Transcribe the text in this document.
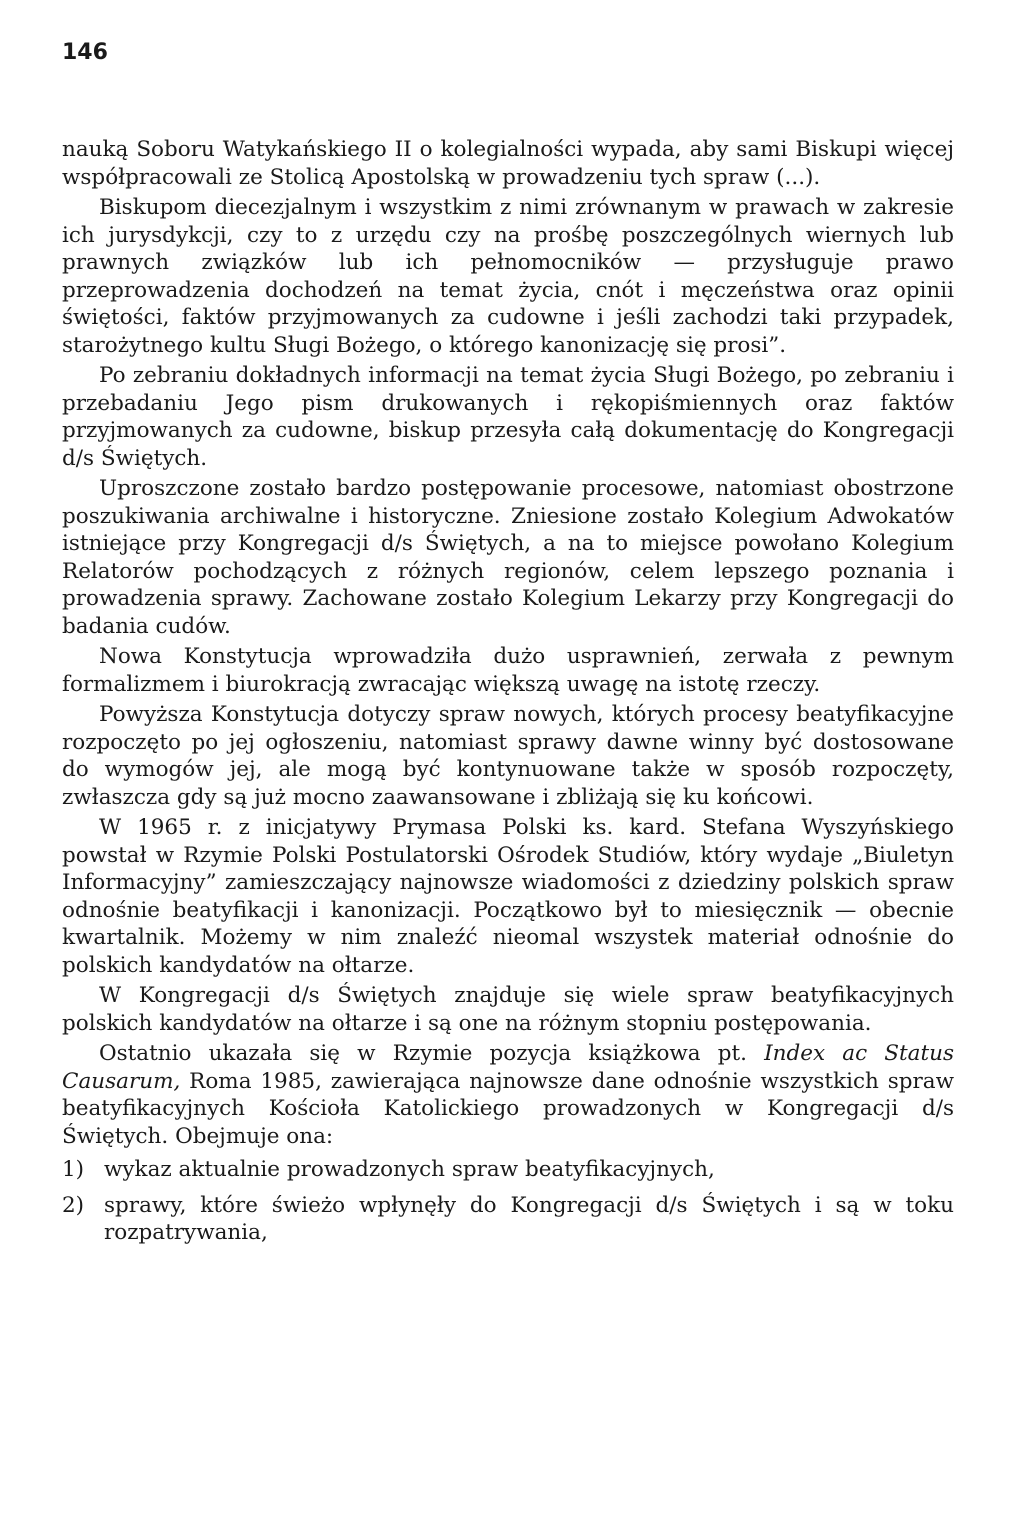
146

nauką Soboru Watykańskiego II o kolegialności wypada, aby sami Biskupi więcej współpracowali ze Stolicą Apostolską w prowadzeniu tych spraw (...).

Biskupom diecezjalnym i wszystkim z nimi zrównanym w prawach w zakresie ich jurysdykcji, czy to z urzędu czy na prośbę poszczególnych wiernych lub prawnych związków lub ich pełnomocników — przysługuje prawo przeprowadzenia dochodzeń na temat życia, cnót i męczeństwa oraz opinii świętości, faktów przyjmowanych za cudowne i jeśli zachodzi taki przypadek, starożytnego kultu Sługi Bożego, o którego kanonizację się prosi”.

Po zebraniu dokładnych informacji na temat życia Sługi Bożego, po zebraniu i przebadaniu Jego pism drukowanych i rękopiśmiennych oraz faktów przyjmowanych za cudowne, biskup przesyła całą dokumentację do Kongregacji d/s Świętych.

Uproszczone zostało bardzo postępowanie procesowe, natomiast obostrzone poszukiwania archiwalne i historyczne. Zniesione zostało Kolegium Adwokatów istniejące przy Kongregacji d/s Świętych, a na to miejsce powołano Kolegium Relatorów pochodzących z różnych regionów, celem lepszego poznania i prowadzenia sprawy. Zachowane zostało Kolegium Lekarzy przy Kongregacji do badania cudów.

Nowa Konstytucja wprowadziła dużo usprawnień, zerwała z pewnym formalizmem i biurokracją zwracając większą uwagę na istotę rzeczy.

Powyższa Konstytucja dotyczy spraw nowych, których procesy beatyfikacyjne rozpoczęto po jej ogłoszeniu, natomiast sprawy dawne winny być dostosowane do wymogów jej, ale mogą być kontynuowane także w sposób rozpoczęty, zwłaszcza gdy są już mocno zaawansowane i zbliżają się ku końcowi.

W 1965 r. z inicjatywy Prymasa Polski ks. kard. Stefana Wyszyńskiego powstał w Rzymie Polski Postulatorski Ośrodek Studiów, który wydaje „Biuletyn Informacyjny” zamieszczający najnowsze wiadomości z dziedziny polskich spraw odnośnie beatyfikacji i kanonizacji. Początkowo był to miesięcznik — obecnie kwartalnik. Możemy w nim znaleźć nieomal wszystek materiał odnośnie do polskich kandydatów na ołtarze.

W Kongregacji d/s Świętych znajduje się wiele spraw beatyfikacyjnych polskich kandydatów na ołtarze i są one na różnym stopniu postępowania.

Ostatnio ukazała się w Rzymie pozycja książkowa pt. Index ac Status Causarum, Roma 1985, zawierająca najnowsze dane odnośnie wszystkich spraw beatyfikacyjnych Kościoła Katolickiego prowadzonych w Kongregacji d/s Świętych. Obejmuje ona:

1) wykaz aktualnie prowadzonych spraw beatyfikacyjnych,
2) sprawy, które świeżo wpłynęły do Kongregacji d/s Świętych i są w toku rozpatrywania,
